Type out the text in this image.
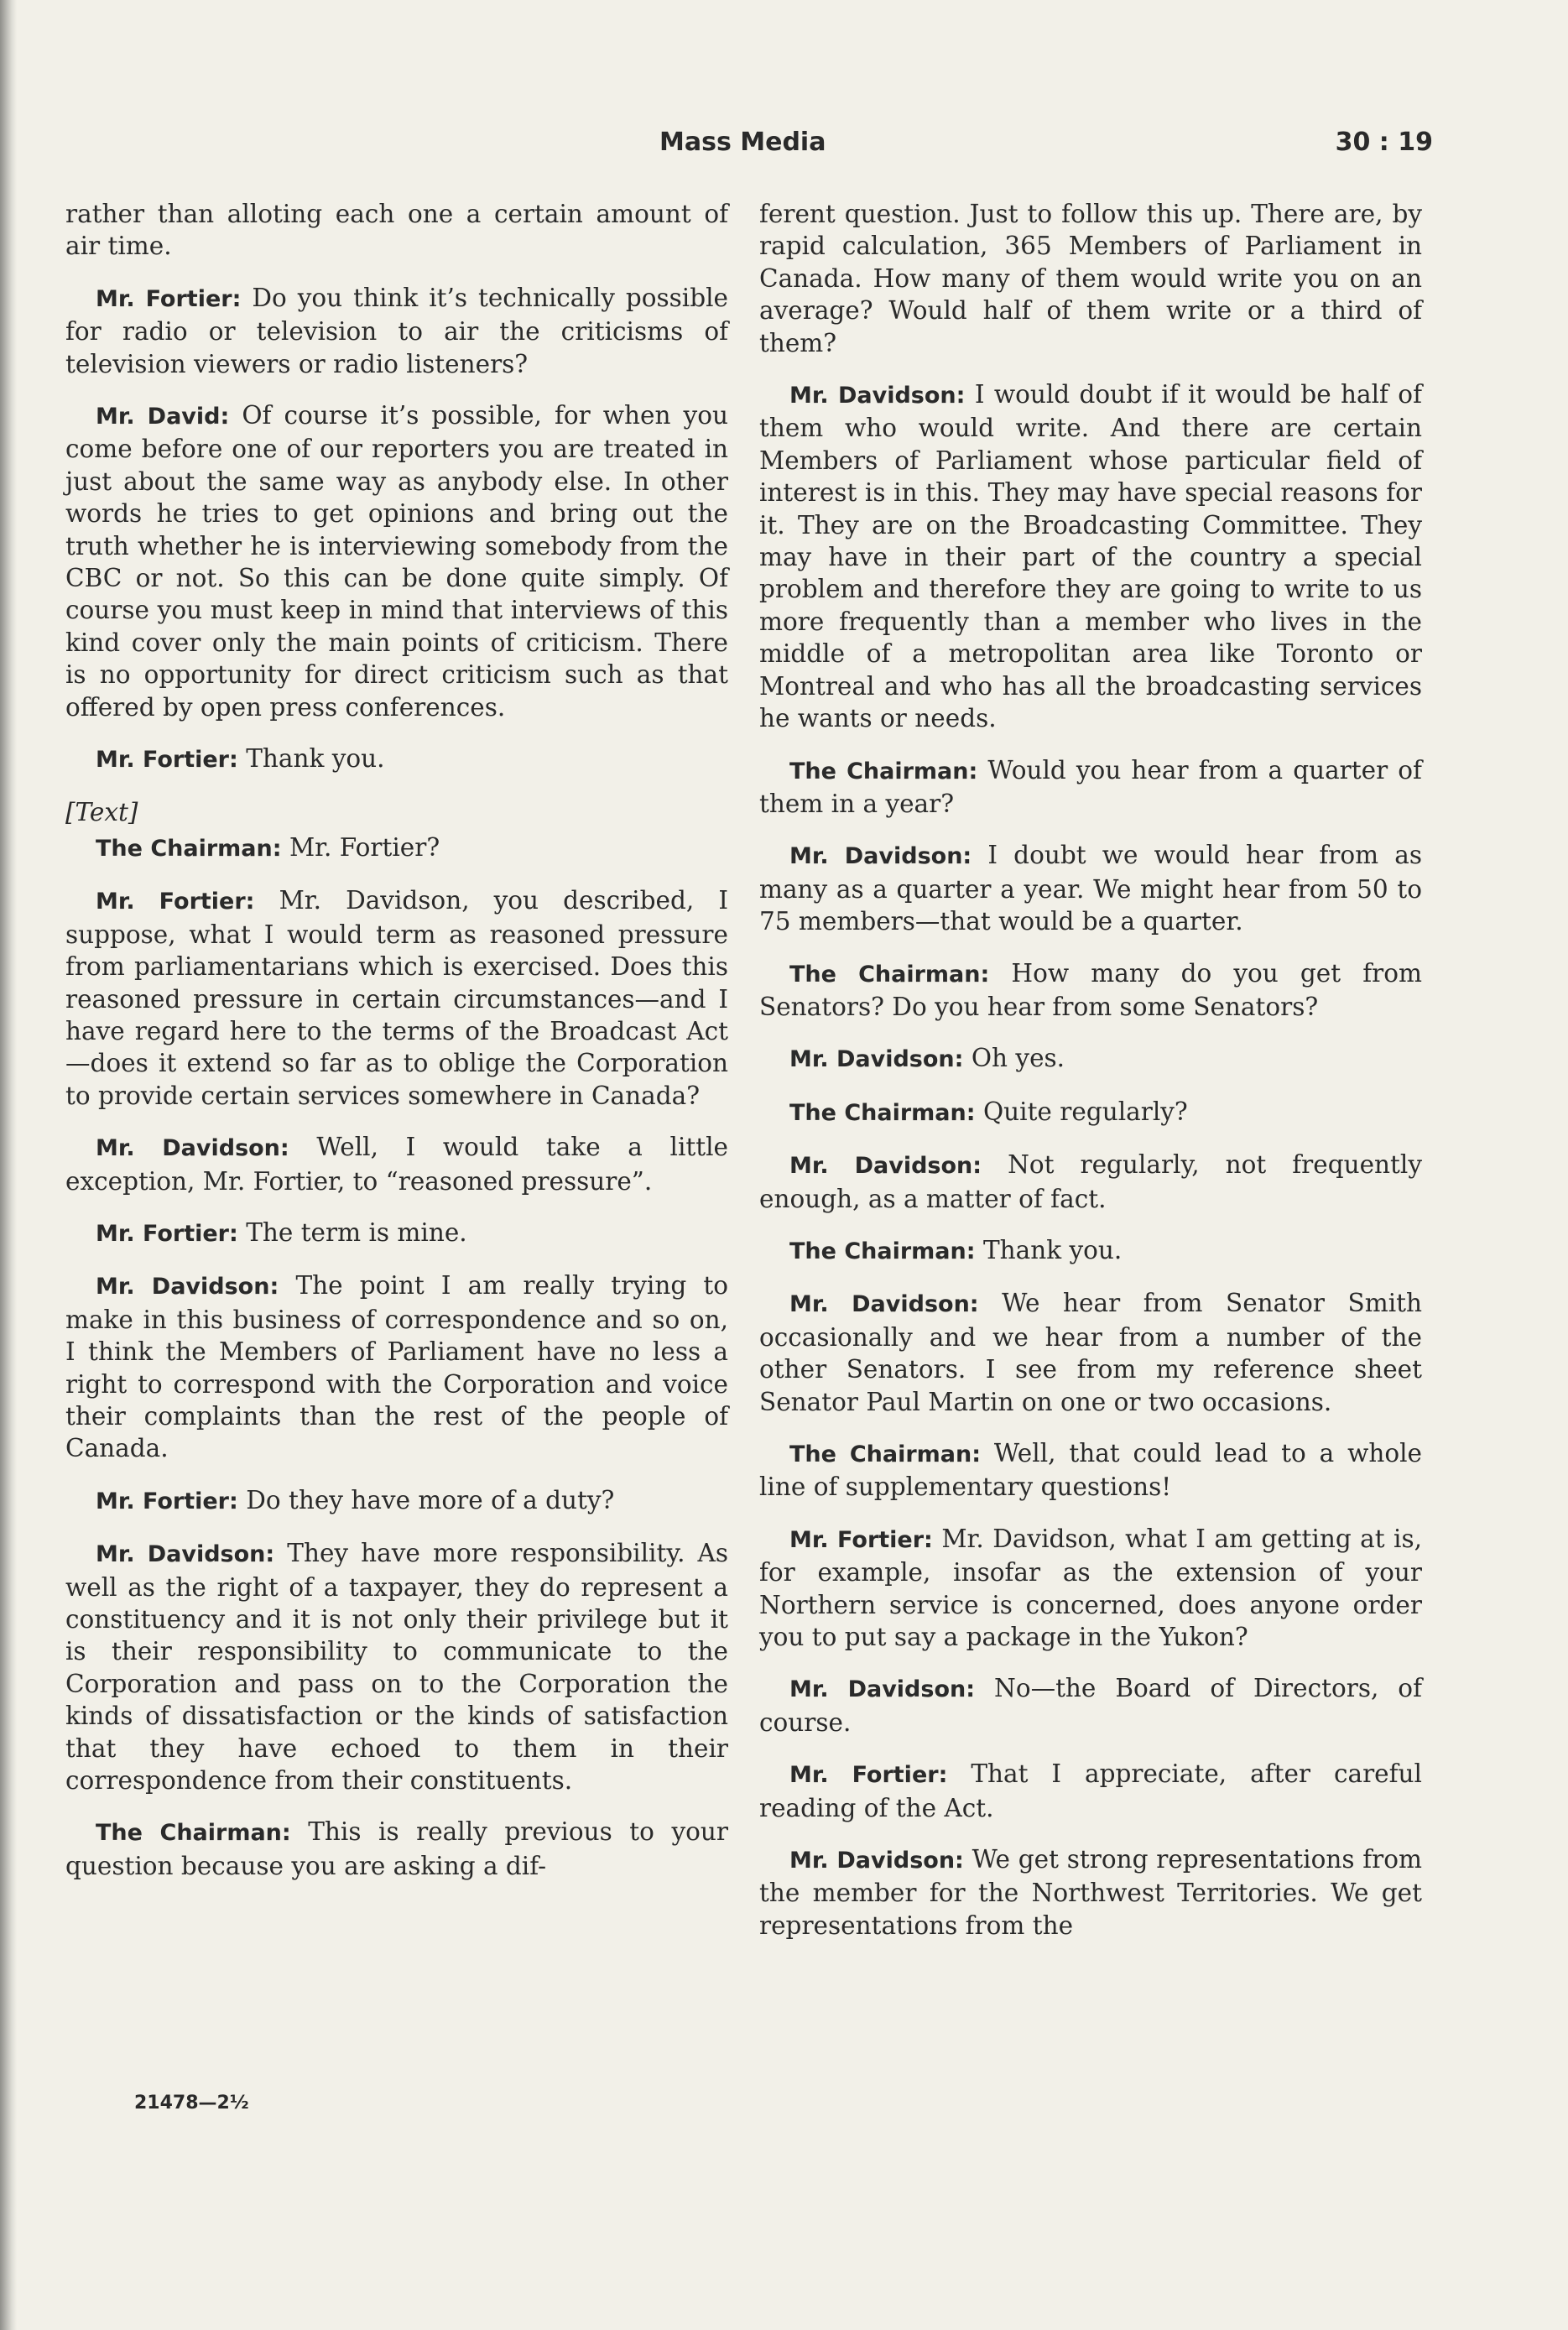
Mass Media	30 : 19

rather than alloting each one a certain amount of air time.

Mr. Fortier: Do you think it’s technically possible for radio or television to air the criticisms of television viewers or radio listeners?

Mr. David: Of course it’s possible, for when you come before one of our reporters you are treated in just about the same way as anybody else. In other words he tries to get opinions and bring out the truth whether he is interviewing somebody from the CBC or not. So this can be done quite simply. Of course you must keep in mind that interviews of this kind cover only the main points of criticism. There is no opportunity for direct criticism such as that offered by open press conferences.

Mr. Fortier: Thank you.

[Text]

The Chairman: Mr. Fortier?

Mr. Fortier: Mr. Davidson, you described, I suppose, what I would term as reasoned pressure from parliamentarians which is exercised. Does this reasoned pressure in certain circumstances—and I have regard here to the terms of the Broadcast Act—does it extend so far as to oblige the Corporation to provide certain services somewhere in Canada?

Mr. Davidson: Well, I would take a little exception, Mr. Fortier, to “reasoned pressure”.

Mr. Fortier: The term is mine.

Mr. Davidson: The point I am really trying to make in this business of correspondence and so on, I think the Members of Parliament have no less a right to correspond with the Corporation and voice their complaints than the rest of the people of Canada.

Mr. Fortier: Do they have more of a duty?

Mr. Davidson: They have more responsibility. As well as the right of a taxpayer, they do represent a constituency and it is not only their privilege but it is their responsibility to communicate to the Corporation and pass on to the Corporation the kinds of dissatisfaction or the kinds of satisfaction that they have echoed to them in their correspondence from their constituents.

The Chairman: This is really previous to your question because you are asking a dif-

ferent question. Just to follow this up. There are, by rapid calculation, 365 Members of Parliament in Canada. How many of them would write you on an average? Would half of them write or a third of them?

Mr. Davidson: I would doubt if it would be half of them who would write. And there are certain Members of Parliament whose particular field of interest is in this. They may have special reasons for it. They are on the Broadcasting Committee. They may have in their part of the country a special problem and therefore they are going to write to us more frequently than a member who lives in the middle of a metropolitan area like Toronto or Montreal and who has all the broadcasting services he wants or needs.

The Chairman: Would you hear from a quarter of them in a year?

Mr. Davidson: I doubt we would hear from as many as a quarter a year. We might hear from 50 to 75 members—that would be a quarter.

The Chairman: How many do you get from Senators? Do you hear from some Senators?

Mr. Davidson: Oh yes.

The Chairman: Quite regularly?

Mr. Davidson: Not regularly, not frequently enough, as a matter of fact.

The Chairman: Thank you.

Mr. Davidson: We hear from Senator Smith occasionally and we hear from a number of the other Senators. I see from my reference sheet Senator Paul Martin on one or two occasions.

The Chairman: Well, that could lead to a whole line of supplementary questions!

Mr. Fortier: Mr. Davidson, what I am getting at is, for example, insofar as the extension of your Northern service is concerned, does anyone order you to put say a package in the Yukon?

Mr. Davidson: No—the Board of Directors, of course.

Mr. Fortier: That I appreciate, after careful reading of the Act.

Mr. Davidson: We get strong representations from the member for the Northwest Territories. We get representations from the

21478—2½
